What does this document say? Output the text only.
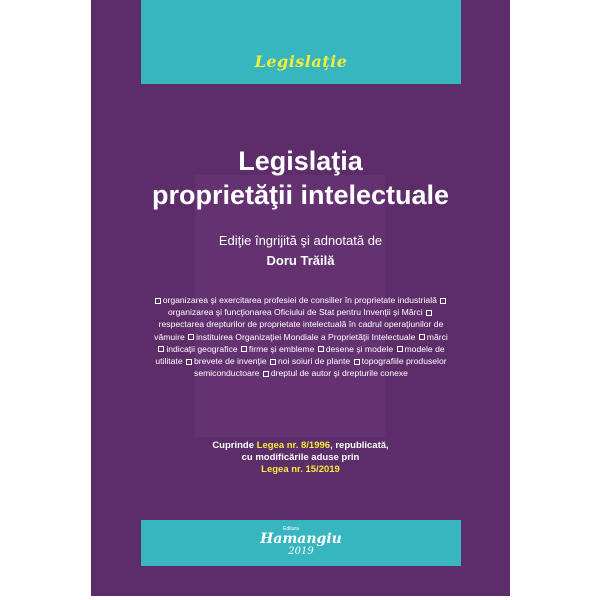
Legislație
Legislaţia
proprietăţii intelectuale
Ediţie îngrijită şi adnotată de
Doru Trăilă
organizarea şi exercitarea profesiei de consilier în proprietate industrială organizarea şi funcţionarea Oficiului de Stat pentru Invenţii şi Mărci respectarea drepturilor de proprietate intelectuală în cadrul operaţiunilor de vămuire instituirea Organizaţiei Mondiale a Proprietăţii Intelectuale mărci indicaţii geografice firme şi embleme desene şi modele modele de utilitate brevete de invenţie noi soiuri de plante topografiile produselor semiconductoare dreptul de autor şi drepturile conexe
Cuprinde Legea nr. 8/1996, republicată,
cu modificările aduse prin
Legea nr. 15/2019
Editura
Hamangiu
2019
